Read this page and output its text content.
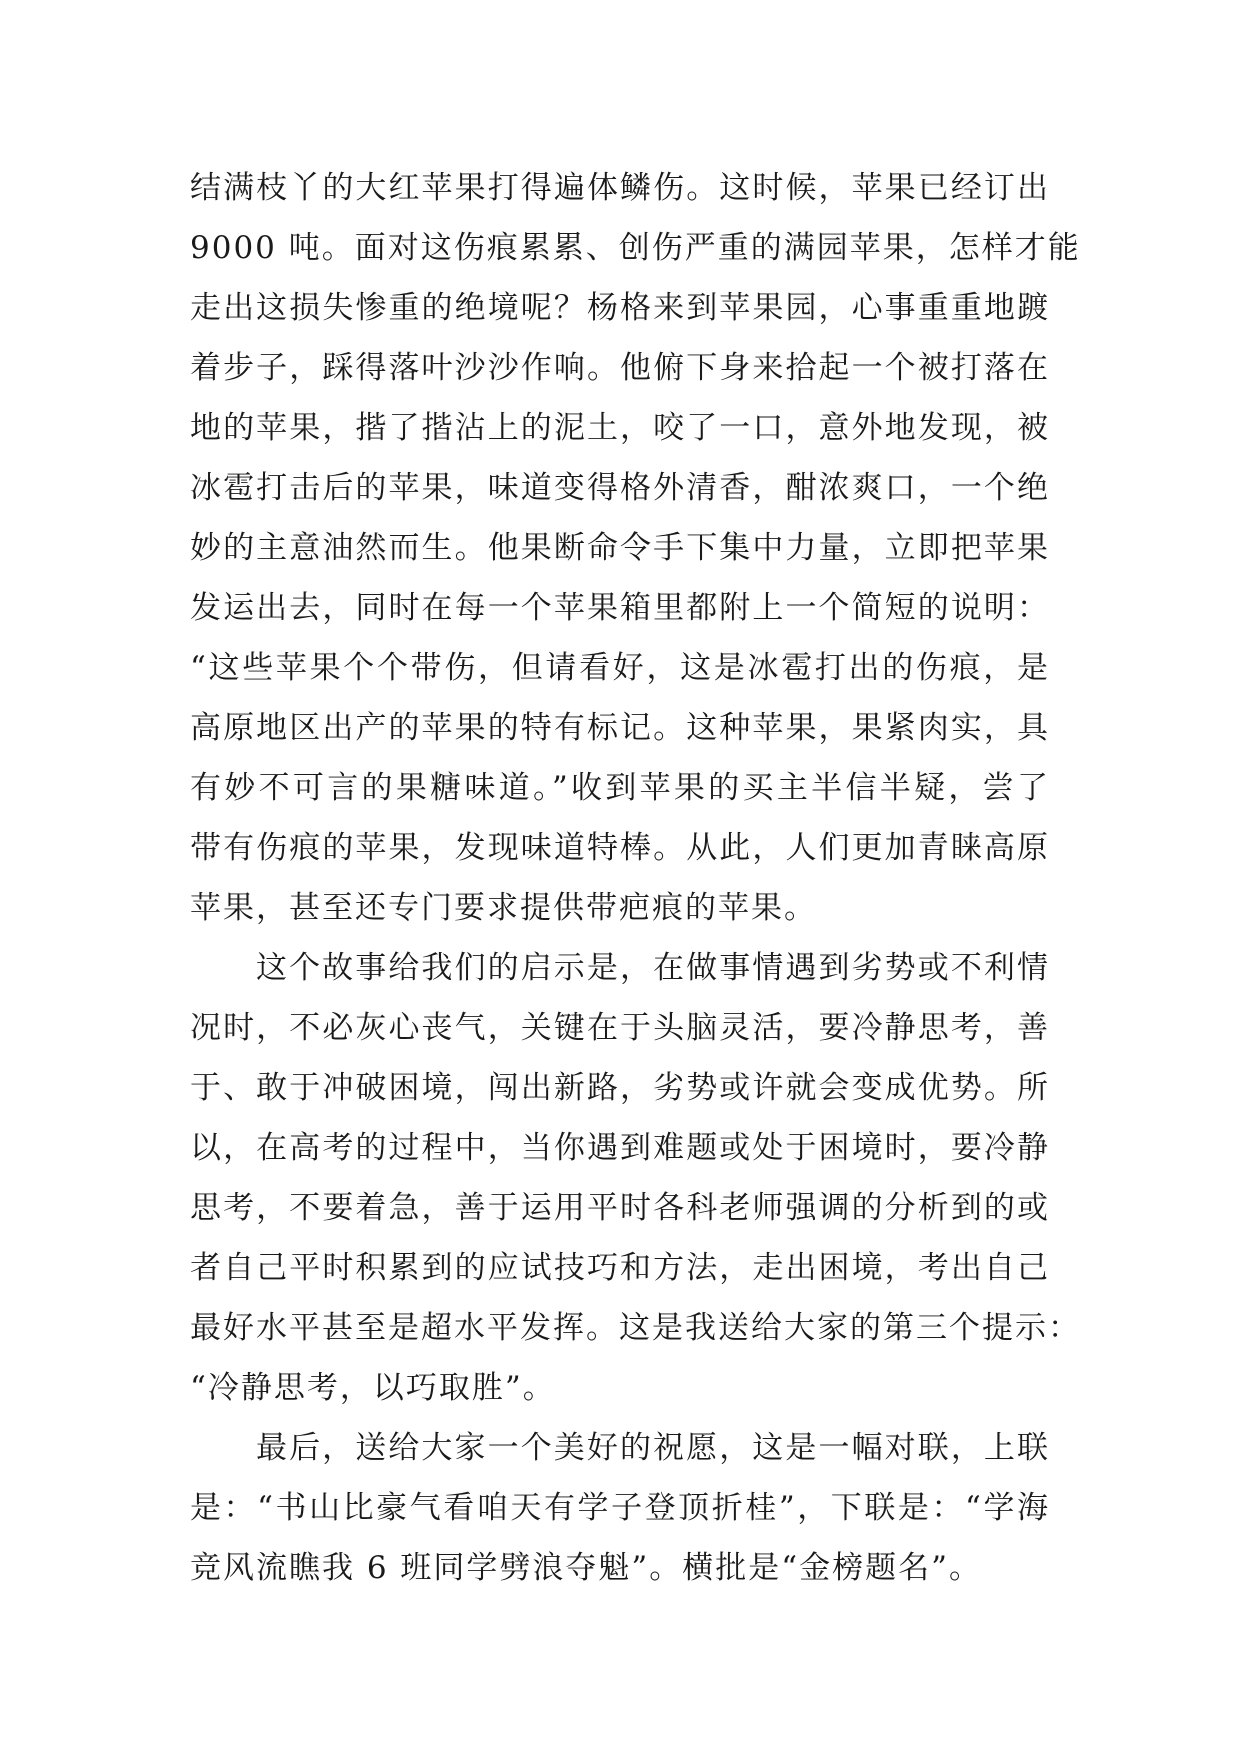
结满枝丫的大红苹果打得遍体鳞伤。这时候，苹果已经订出
9000 吨。面对这伤痕累累、创伤严重的满园苹果，怎样才能
走出这损失惨重的绝境呢？杨格来到苹果园，心事重重地踱
着步子，踩得落叶沙沙作响。他俯下身来拾起一个被打落在
地的苹果，揩了揩沾上的泥土，咬了一口，意外地发现，被
冰雹打击后的苹果，味道变得格外清香，酣浓爽口，一个绝
妙的主意油然而生。他果断命令手下集中力量，立即把苹果
发运出去，同时在每一个苹果箱里都附上一个简短的说明：
“这些苹果个个带伤，但请看好，这是冰雹打出的伤痕，是
高原地区出产的苹果的特有标记。这种苹果，果紧肉实，具
有妙不可言的果糖味道。”收到苹果的买主半信半疑，尝了
带有伤痕的苹果，发现味道特棒。从此，人们更加青睐高原
苹果，甚至还专门要求提供带疤痕的苹果。
这个故事给我们的启示是，在做事情遇到劣势或不利情
况时，不必灰心丧气，关键在于头脑灵活，要冷静思考，善
于、敢于冲破困境，闯出新路，劣势或许就会变成优势。所
以，在高考的过程中，当你遇到难题或处于困境时，要冷静
思考，不要着急，善于运用平时各科老师强调的分析到的或
者自己平时积累到的应试技巧和方法，走出困境，考出自己
最好水平甚至是超水平发挥。这是我送给大家的第三个提示：
“冷静思考，以巧取胜”。
最后，送给大家一个美好的祝愿，这是一幅对联，上联
是：“书山比豪气看咱天有学子登顶折桂”，下联是：“学海
竞风流瞧我 6 班同学劈浪夺魁”。横批是“金榜题名”。
